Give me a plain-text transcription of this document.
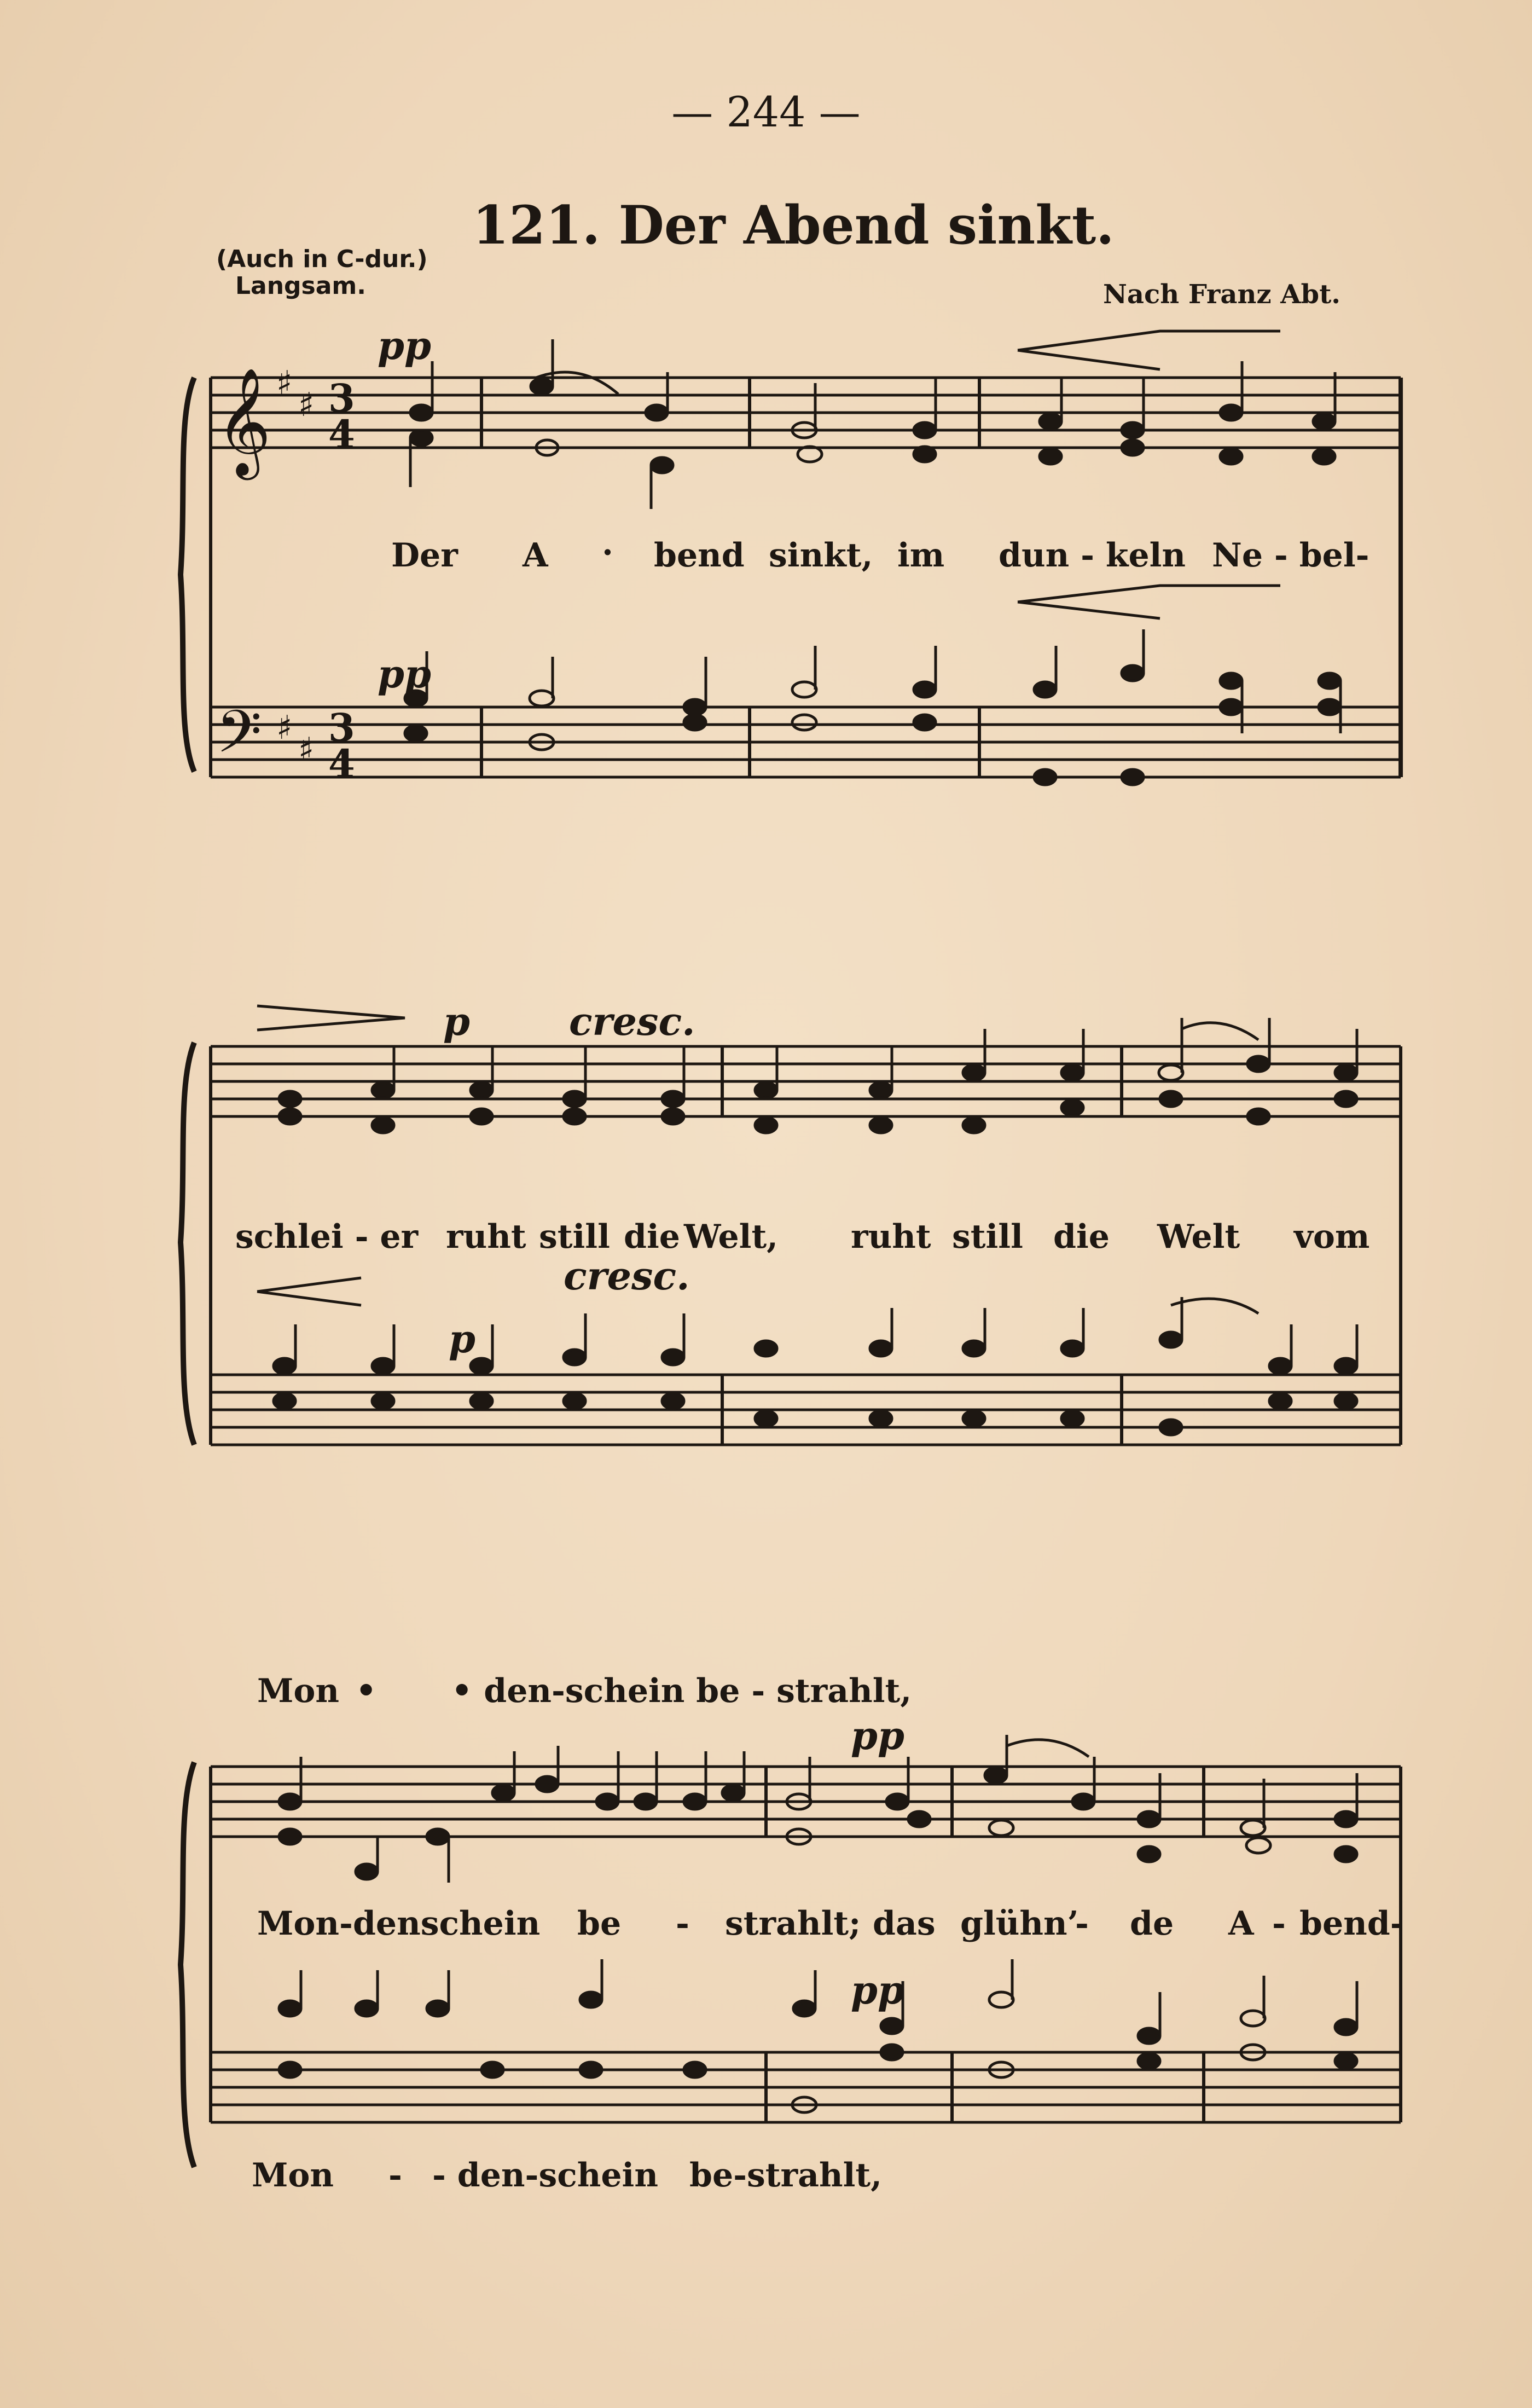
— 244 —
121. Der Abend sinkt.
(Auch in C-dur.)
Langsam.	Nach Franz Abt.
𝄞
𝄢
♯
♯
♯
♯
3
4
3
4
pp
pp
p	cresc.
cresc.
p
pp
pp
Der A · bend sinkt, im dun - keln Ne - bel-
schlei - er ruht still die Welt, ruht still die Welt vom
Mon • • den-schein be - strahlt,
Mon-denschein be - strahlt; das glühn’
- de A - bend-
Mon - - den-schein be-strahlt,
